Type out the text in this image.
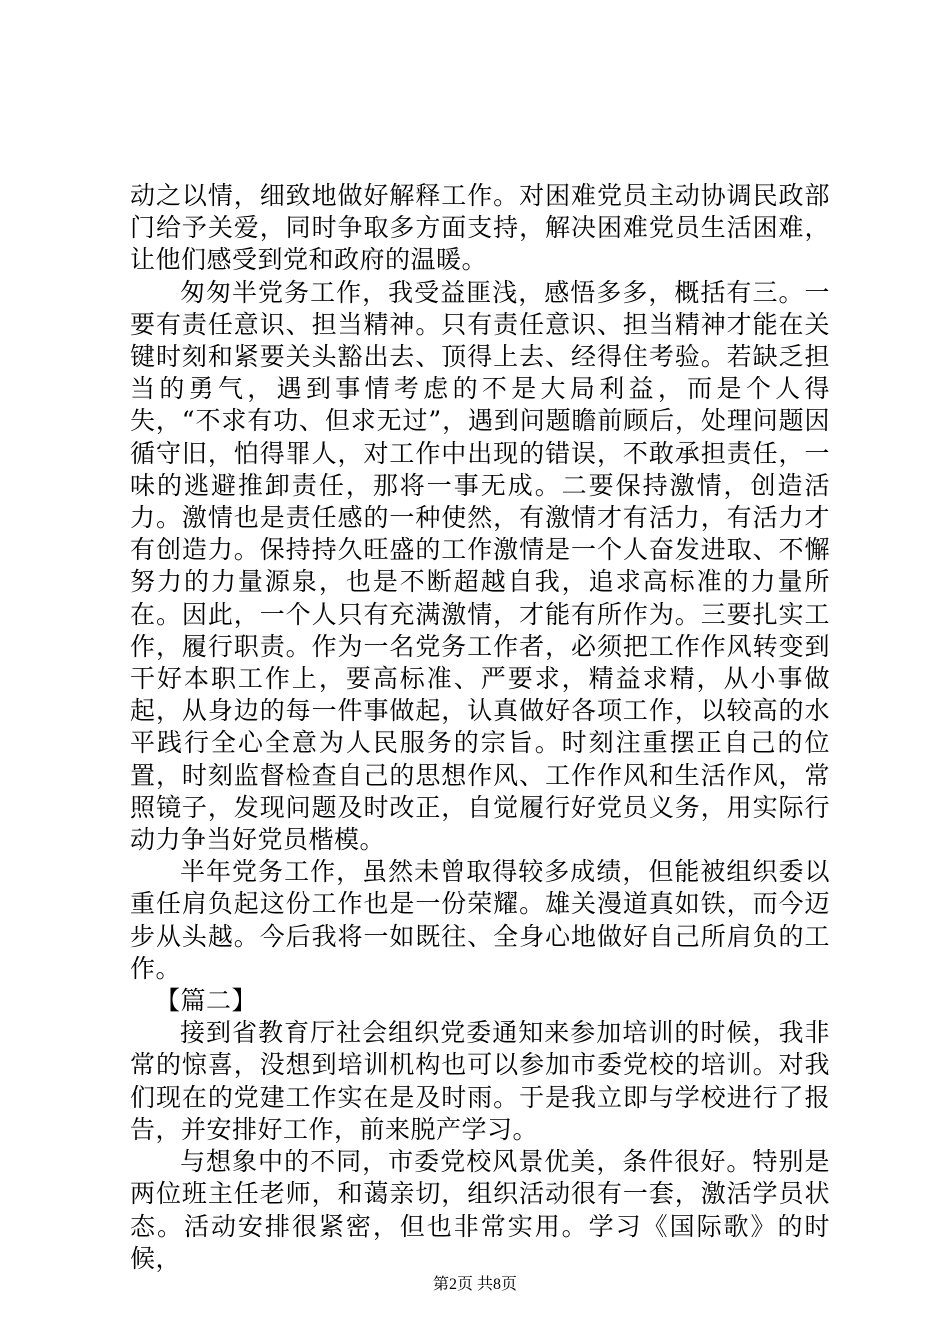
动之以情，细致地做好解释工作。对困难党员主动协调民政部门给予关爱，同时争取多方面支持，解决困难党员生活困难，让他们感受到党和政府的温暖。

匆匆半党务工作，我受益匪浅，感悟多多，概括有三。一要有责任意识、担当精神。只有责任意识、担当精神才能在关键时刻和紧要关头豁出去、顶得上去、经得住考验。若缺乏担当的勇气，遇到事情考虑的不是大局利益，而是个人得失，“不求有功、但求无过”，遇到问题瞻前顾后，处理问题因循守旧，怕得罪人，对工作中出现的错误，不敢承担责任，一味的逃避推卸责任，那将一事无成。二要保持激情，创造活力。激情也是责任感的一种使然，有激情才有活力，有活力才有创造力。保持持久旺盛的工作激情是一个人奋发进取、不懈努力的力量源泉，也是不断超越自我，追求高标准的力量所在。因此，一个人只有充满激情，才能有所作为。三要扎实工作，履行职责。作为一名党务工作者，必须把工作作风转变到干好本职工作上，要高标准、严要求，精益求精，从小事做起，从身边的每一件事做起，认真做好各项工作，以较高的水平践行全心全意为人民服务的宗旨。时刻注重摆正自己的位置，时刻监督检查自己的思想作风、工作作风和生活作风，常照镜子，发现问题及时改正，自觉履行好党员义务，用实际行动力争当好党员楷模。

半年党务工作，虽然未曾取得较多成绩，但能被组织委以重任肩负起这份工作也是一份荣耀。雄关漫道真如铁，而今迈步从头越。今后我将一如既往、全身心地做好自己所肩负的工作。

【篇二】

接到省教育厅社会组织党委通知来参加培训的时候，我非常的惊喜，没想到培训机构也可以参加市委党校的培训。对我们现在的党建工作实在是及时雨。于是我立即与学校进行了报告，并安排好工作，前来脱产学习。

与想象中的不同，市委党校风景优美，条件很好。特别是两位班主任老师，和蔼亲切，组织活动很有一套，激活学员状态。活动安排很紧密，但也非常实用。学习《国际歌》的时候，

第2页 共8页
